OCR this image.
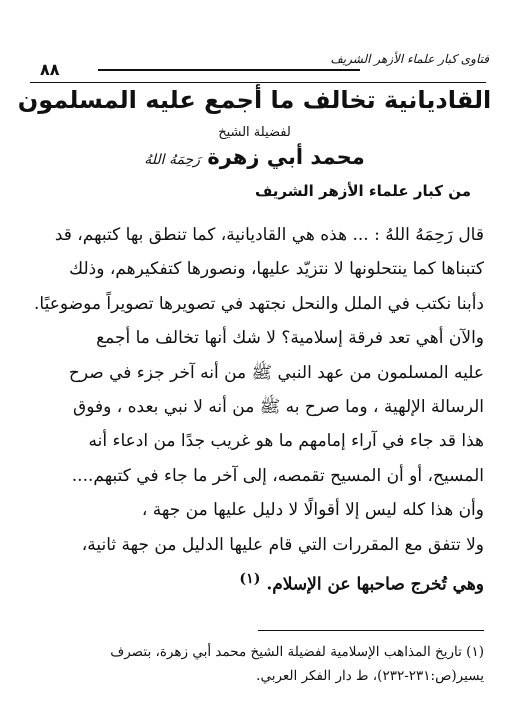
٨٨
فتاوى كبار علماء الأزهر الشريف
القاديانية تخالف ما أجمع عليه المسلمون
لفضيلة الشيخ
محمد أبي زهرة رَحِمَهُ اللهُ
من كبار علماء الأزهر الشريف
قال رَحِمَهُ اللهُ : ... هذه هي القاديانية، كما تنطق بها كتبهم، قد
كتبناها كما ينتحلونها لا نتزيّد عليها، ونصورها كتفكيرهم، وذلك
دأبنا نكتب في الملل والنحل نجتهد في تصويرها تصويراً موضوعيًا.
والآن أهي تعد فرقة إسلامية؟ لا شك أنها تخالف ما أجمع
عليه المسلمون من عهد النبي ﷺ من أنه آخر جزء في صرح
الرسالة الإلهية ، وما صرح به ﷺ من أنه لا نبي بعده ، وفوق
هذا قد جاء في آراء إمامهم ما هو غريب جدًا من ادعاء أنه
المسيح، أو أن المسيح تقمصه، إلى آخر ما جاء في كتبهم....
وأن هذا كله ليس إلا أقوالًا لا دليل عليها من جهة ،
ولا تتفق مع المقررات التي قام عليها الدليل من جهة ثانية،
وهي تُخرج صاحبها عن الإسلام. $^{(١)}$
(١) تاريخ المذاهب الإسلامية لفضيلة الشيخ محمد أبي زهرة، بتصرف
يسير(ص:٢٣١-٢٣٢)، ط دار الفكر العربي.
